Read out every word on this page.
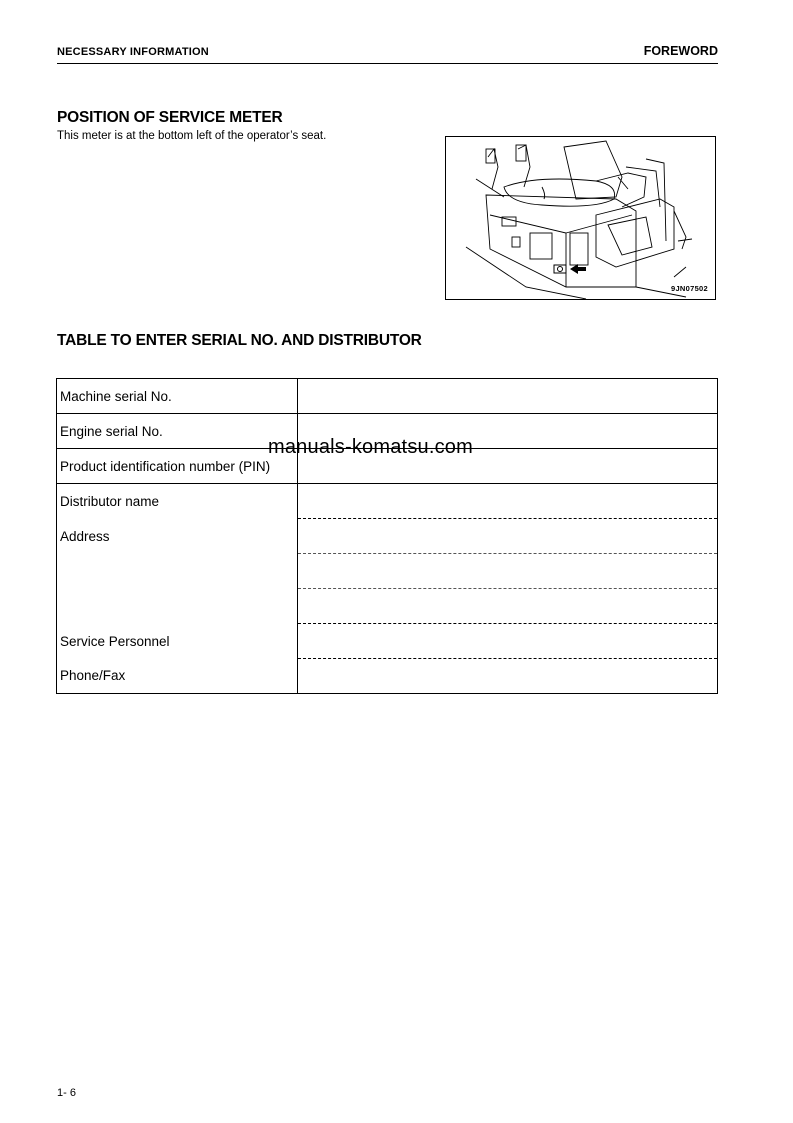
NECESSARY INFORMATION	FOREWORD
POSITION OF SERVICE METER
This meter is at the bottom left of the operator’s seat.
9JN07502
TABLE TO ENTER SERIAL NO. AND DISTRIBUTOR
Machine serial No.	
Engine serial No.	
Product identification number (PIN)	
Distributor name	
Address	

Service Personnel	
Phone/Fax	
manuals-komatsu.com
1- 6
